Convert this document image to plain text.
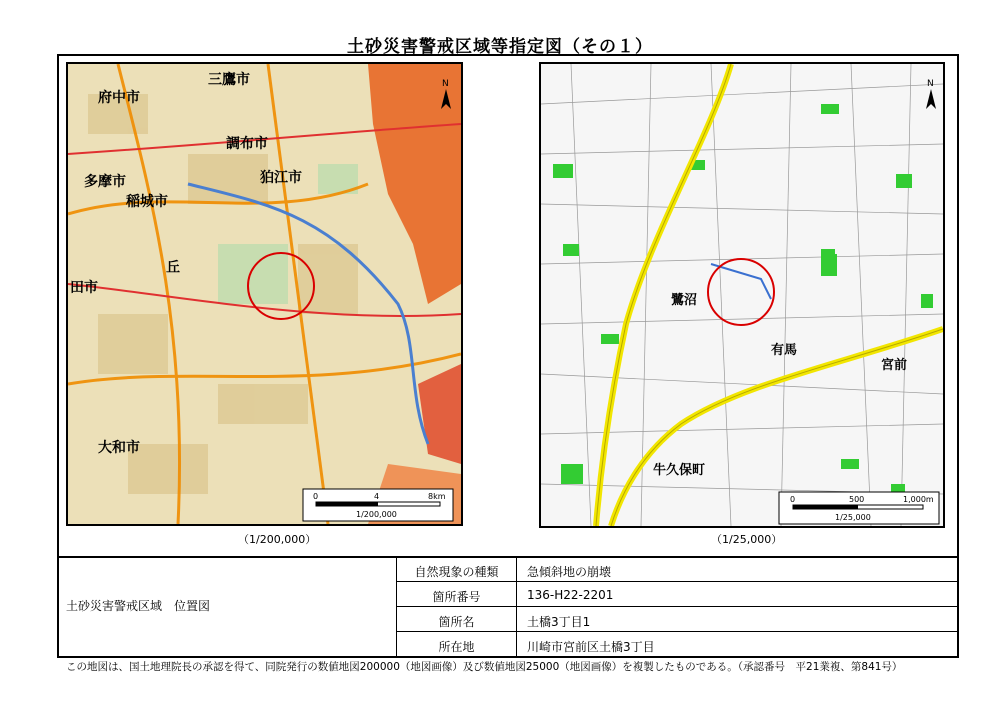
土砂災害警戒区域等指定図（その１）
N
府中市
三鷹市
調布市
狛江市
多摩市
稲城市
田市
大和市
丘
0	4	8km
1/200,000
（1/200,000）
N
宮前
牛久保町
鷺沼
有馬
0	500	1,000m
1/25,000
（1/25,000）
土砂災害警戒区域　位置図
自然現象の種類	急傾斜地の崩壊
箇所番号	136-H22-2201
箇所名	土橋3丁目1
所在地	川崎市宮前区土橋3丁目
この地図は、国土地理院長の承認を得て、同院発行の数値地図200000（地図画像）及び数値地図25000（地図画像）を複製したものである。（承認番号　平21業複、第841号）
